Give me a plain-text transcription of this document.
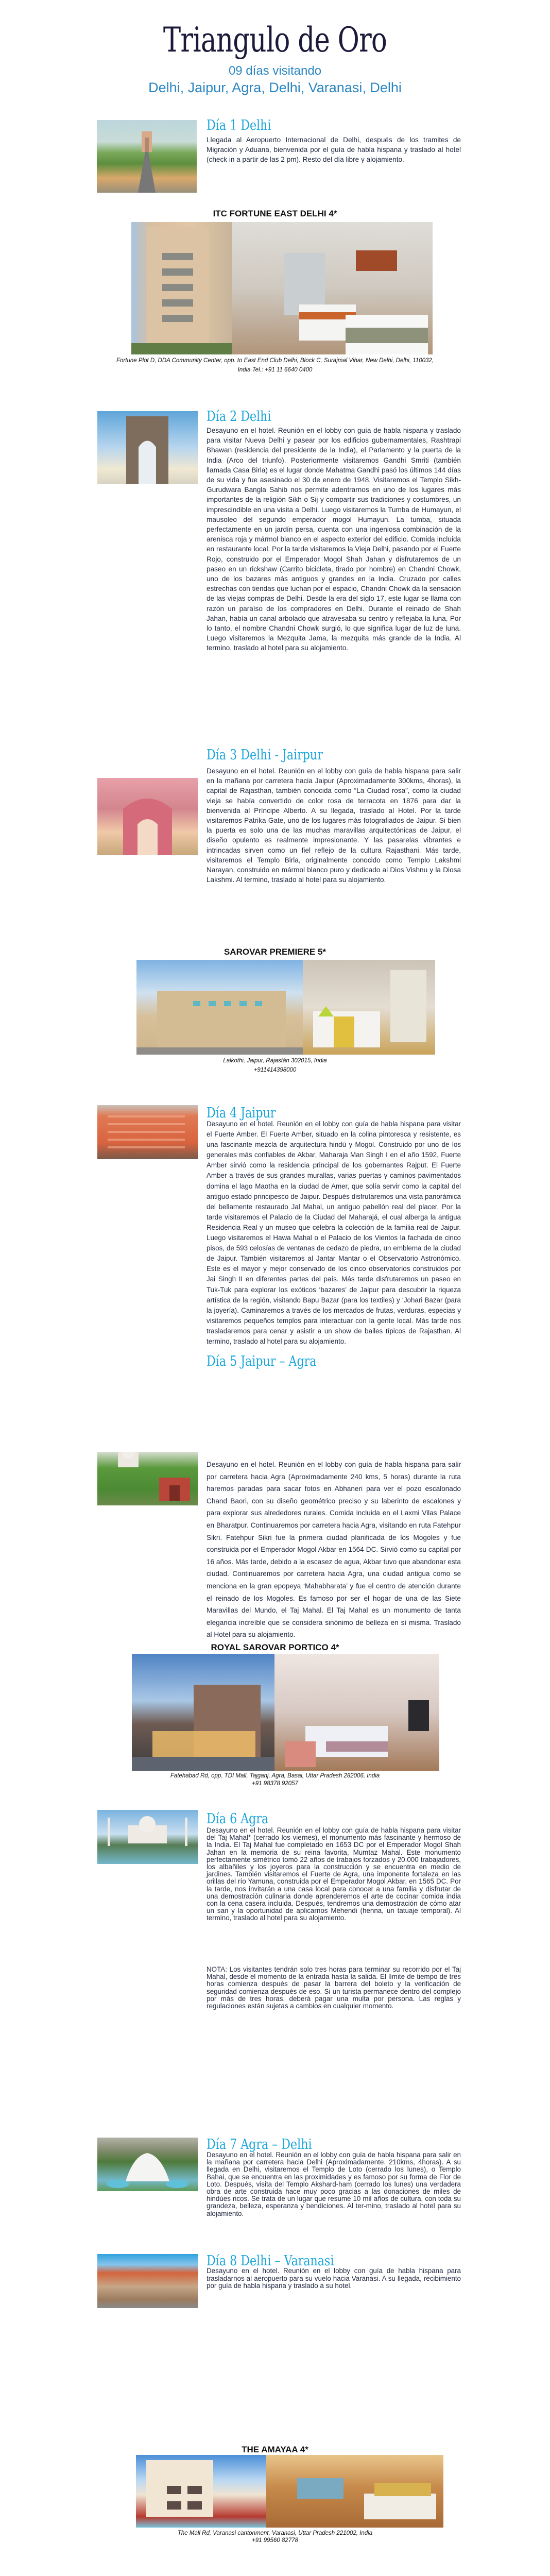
Triangulo de Oro
09 días visitando
Delhi, Jaipur, Agra, Delhi, Varanasi, Delhi
Día 1 Delhi
Llegada al Aeropuerto Internacional de Delhi, después de los tramites de Migración y Aduana, bienvenida por el guía de habla hispana y traslado al hotel (check in a partir de las 2 pm). Resto del día libre y alojamiento.
ITC FORTUNE EAST DELHI 4*
Fortune Plot D, DDA Community Center, opp. to East End Club Delhi, Block C, Surajmal Vihar, New Delhi, Delhi, 110032,
India Tel.: +91 11 6640 0400
Día 2 Delhi
Desayuno en el hotel. Reunión en el lobby con guía de habla hispana y traslado para visitar Nueva Delhi y pasear por los edificios gubernamentales, Rashtrapi Bhawan (residencia del presidente de la India), el Parlamento y la puerta de la India (Arco del triunfo). Posteriormente visitaremos Gandhi Smriti (también llamada Casa Birla) es el lugar donde Mahatma Gandhi pasó los últimos 144 días de su vida y fue asesinado el 30 de enero de 1948. Visitaremos el Templo Sikh-Gurudwara Bangla Sahib nos permite adentrarnos en uno de los lugares más importantes de la religión Sikh o Sij y compartir sus tradiciones y costumbres, un imprescindible en una visita a Delhi. Luego visitaremos la Tumba de Humayun, el mausoleo del segundo emperador mogol Humayun. La tumba, situada perfectamente en un jardín persa, cuenta con una ingeniosa combinación de la arenisca roja y mármol blanco en el aspecto exterior del edificio. Comida incluida en restaurante local. Por la tarde visitaremos la Vieja Delhi, pasando por el Fuerte Rojo, construido por el Emperador Mogol Shah Jahan y disfrutaremos de un paseo en un rickshaw (Carrito bicicleta, tirado por hombre) en Chandni Chowk, uno de los bazares más antiguos y grandes en la India. Cruzado por calles estrechas con tiendas que luchan por el espacio, Chandni Chowk da la sensación de las viejas compras de Delhi. Desde la era del siglo 17, este lugar se llama con razón un paraíso de los compradores en Delhi. Durante el reinado de Shah Jahan, había un canal arbolado que atravesaba su centro y reflejaba la luna. Por lo tanto, el nombre Chandni Chowk surgió, lo que significa lugar de luz de luna. Luego visitaremos la Mezquita Jama, la mezquita más grande de la India. Al termino, traslado al hotel para su alojamiento.
Día 3 Delhi - Jairpur
Desayuno en el hotel. Reunión en el lobby con guía de habla hispana para salir en la mañana por carretera hacia Jaipur (Aproximadamente 300kms, 4horas), la capital de Rajasthan, también conocida como “La Ciudad rosa”, como la ciudad vieja se había convertido de color rosa de terracota en 1876 para dar la bienvenida al Príncipe Alberto. A su llegada, traslado al Hotel. Por la tarde visitaremos Patrika Gate, uno de los lugares más fotografiados de Jaipur. Si bien la puerta es solo una de las muchas maravillas arquitectónicas de Jaipur, el diseño opulento es realmente impresionante. Y las pasarelas vibrantes e intrincadas sirven como un fiel reflejo de la cultura Rajasthani. Más tarde, visitaremos el Templo Birla, originalmente conocido como Templo Lakshmi Narayan, construido en mármol blanco puro y dedicado al Dios Vishnu y la Diosa Lakshmi. Al termino, traslado al hotel para su alojamiento.
SAROVAR PREMIERE 5*
Lalkothi, Jaipur, Rajastán 302015, India
+911414398000
Día 4 Jaipur
Desayuno en el hotel. Reunión en el lobby con guía de habla hispana para visitar el Fuerte Amber. El Fuerte Amber, situado en la colina pintoresca y resistente, es una fascinante mezcla de arquitectura hindú y Mogol. Construido por uno de los generales más confiables de Akbar, Maharaja Man Singh I en el año 1592, Fuerte Amber sirvió como la residencia principal de los gobernantes Rajput. El Fuerte Amber a través de sus grandes murallas, varias puertas y caminos pavimentados domina el lago Maotha en la ciudad de Amer, que solía servir como la capital del antiguo estado principesco de Jaipur. Después disfrutaremos una vista panorámica del bellamente restaurado Jal Mahal, un antiguo pabellón real del placer. Por la tarde visitaremos el Palacio de la Ciudad del Maharajá, el cual alberga la antigua Residencia Real y un museo que celebra la colección de la familia real de Jaipur. Luego visitaremos el Hawa Mahal o el Palacio de los Vientos la fachada de cinco pisos, de 593 celosías de ventanas de cedazo de piedra, un emblema de la ciudad de Jaipur. También visitaremos al Jantar Mantar o el Observatorio Astronómico. Este es el mayor y mejor conservado de los cinco observatorios construidos por Jai Singh II en diferentes partes del país. Más tarde disfrutaremos un paseo en Tuk-Tuk para explorar los exóticos ‘bazares’ de Jaipur para descubrir la riqueza artística de la región, visitando Bapu Bazar (para los textiles) y ‘Johari Bazar (para la joyería). Caminaremos a través de los mercados de frutas, verduras, especias y visitaremos pequeños templos para interactuar con la gente local. Más tarde nos trasladaremos para cenar y asistir a un show de bailes típicos de Rajasthan. Al termino, traslado al hotel para su alojamiento.
Día 5 Jaipur – Agra
Desayuno en el hotel. Reunión en el lobby con guía de habla hispana para salir por carretera hacia Agra (Aproximadamente 240 kms, 5 horas) durante la ruta haremos paradas para sacar fotos en Abhaneri para ver el pozo escalonado Chand Baori, con su diseño geométrico preciso y su laberinto de escalones y para explorar sus alrededores rurales. Comida incluida en el Laxmi Vilas Palace en Bharatpur. Continuaremos por carretera hacia Agra, visitando en ruta Fatehpur Sikri. Fatehpur Sikri fue la primera ciudad planificada de los Mogoles y fue construida por el Emperador Mogol Akbar en 1564 DC. Sirvió como su capital por 16 años. Más tarde, debido a la escasez de agua, Akbar tuvo que abandonar esta ciudad. Continuaremos por carretera hacia Agra, una ciudad antigua como se menciona en la gran epopeya ‘Mahabharata’ y fue el centro de atención durante el reinado de los Mogoles. Es famoso por ser el hogar de una de las Siete Maravillas del Mundo, el Taj Mahal. El Taj Mahal es un monumento de tanta elegancia increíble que se considera sinónimo de belleza en sí misma. Traslado al Hotel para su alojamiento.
ROYAL SAROVAR PORTICO 4*
Fatehabad Rd, opp. TDI Mall, Tajganj, Agra, Basai, Uttar Pradesh 282006, India
+91 98378 92057
Día 6 Agra
Desayuno en el hotel. Reunión en el lobby con guía de habla hispana para visitar del Taj Mahal* (cerrado los viernes), el monumento más fascinante y hermoso de la India. El Taj Mahal fue completado en 1653 DC por el Emperador Mogol Shah Jahan en la memoria de su reina favorita, Mumtaz Mahal. Este monumento perfectamente simétrico tomó 22 años de trabajos forzados y 20.000 trabajadores, los albañiles y los joyeros para la construcción y se encuentra en medio de jardines. También visitaremos el Fuerte de Agra, una imponente fortaleza en las orillas del río Yamuna, construida por el Emperador Mogol Akbar, en 1565 DC. Por la tarde, nos invitarán a una casa local para conocer a una familia y disfrutar de una demostración culinaria donde aprenderemos el arte de cocinar comida india con la cena casera incluida. Después, tendremos una demostración de cómo atar un sari y la oportunidad de aplicarnos Mehendi (henna, un tatuaje temporal). Al termino, traslado al hotel para su alojamiento.
NOTA: Los visitantes tendrán solo tres horas para terminar su recorrido por el Taj Mahal, desde el momento de la entrada hasta la salida. El límite de tiempo de tres horas comienza después de pasar la barrera del boleto y la verificación de seguridad comienza después de eso. Si un turista permanece dentro del complejo por más de tres horas, deberá pagar una multa por persona. Las reglas y regulaciones están sujetas a cambios en cualquier momento.
Día 7 Agra – Delhi
Desayuno en el hotel. Reunión en el lobby con guía de habla hispana para salir en la mañana por carretera hacia Delhi (Aproximadamente. 210kms, 4horas). A su llegada en Delhi, visitaremos el Templo de Loto (cerrado los lunes), o Templo Bahai, que se encuentra en las proximidades y es famoso por su forma de Flor de Loto. Después, visita del Templo Akshard-ham (cerrado los lunes) una verdadera obra de arte construida hace muy poco gracias a las donaciones de miles de hindúes ricos. Se trata de un lugar que resume 10 mil años de cultura, con toda su grandeza, belleza, esperanza y bendiciones. Al ter-mino, traslado al hotel para su alojamiento.
Día 8 Delhi – Varanasi
Desayuno en el hotel. Reunión en el lobby con guía de habla hispana para trasladarnos al aeropuerto para su vuelo hacia Varanasi. A su llegada, recibimiento por guía de habla hispana y traslado a su hotel.
THE AMAYAA 4*
The Mall Rd, Varanasi cantonment, Varanasi, Uttar Pradesh 221002, India
+91 99560 82778
